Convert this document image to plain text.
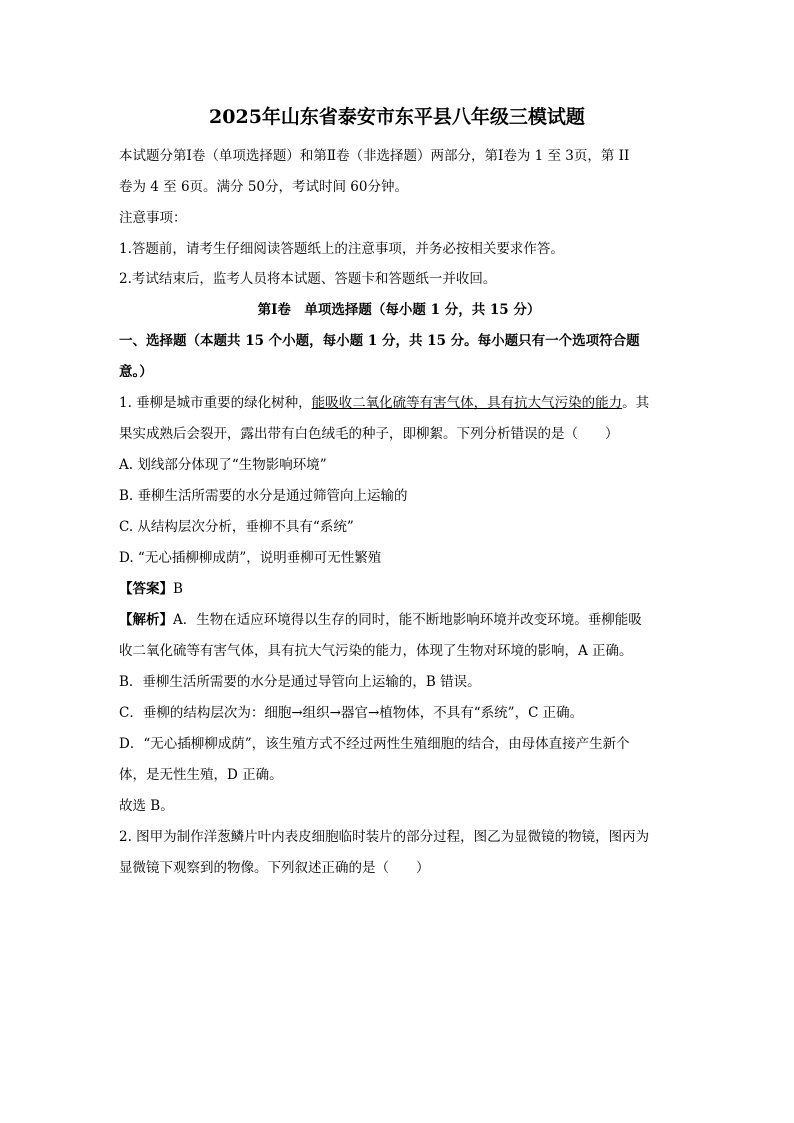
2025年山东省泰安市东平县八年级三模试题
本试题分第Ⅰ卷（单项选择题）和第Ⅱ卷（非选择题）两部分，第Ⅰ卷为 1 至 3页，第 II
卷为 4 至 6页。满分 50分，考试时间 60分钟。
注意事项：
1.答题前，请考生仔细阅读答题纸上的注意事项，并务必按相关要求作答。
2.考试结束后，监考人员将本试题、答题卡和答题纸一并收回。
第Ⅰ卷　单项选择题（每小题 1 分，共 15 分）
一、选择题（本题共 15 个小题，每小题 1 分，共 15 分。每小题只有一个选项符合题
意。）
1. 垂柳是城市重要的绿化树种，能吸收二氧化硫等有害气体，具有抗大气污染的能力。其
果实成熟后会裂开，露出带有白色绒毛的种子，即柳絮。下列分析错误的是（　　）
A. 划线部分体现了“生物影响环境”
B. 垂柳生活所需要的水分是通过筛管向上运输的
C. 从结构层次分析，垂柳不具有“系统”
D. “无心插柳柳成荫”，说明垂柳可无性繁殖
【答案】B
【解析】A．生物在适应环境得以生存的同时，能不断地影响环境并改变环境。垂柳能吸
收二氧化硫等有害气体，具有抗大气污染的能力，体现了生物对环境的影响，A 正确。
B．垂柳生活所需要的水分是通过导管向上运输的，B 错误。
C．垂柳的结构层次为：细胞→组织→器官→植物体，不具有“系统”，C 正确。
D．“无心插柳柳成荫”，该生殖方式不经过两性生殖细胞的结合，由母体直接产生新个
体，是无性生殖，D 正确。
故选 B。
2. 图甲为制作洋葱鳞片叶内表皮细胞临时装片的部分过程，图乙为显微镜的物镜，图丙为
显微镜下观察到的物像。下列叙述正确的是（　　）
